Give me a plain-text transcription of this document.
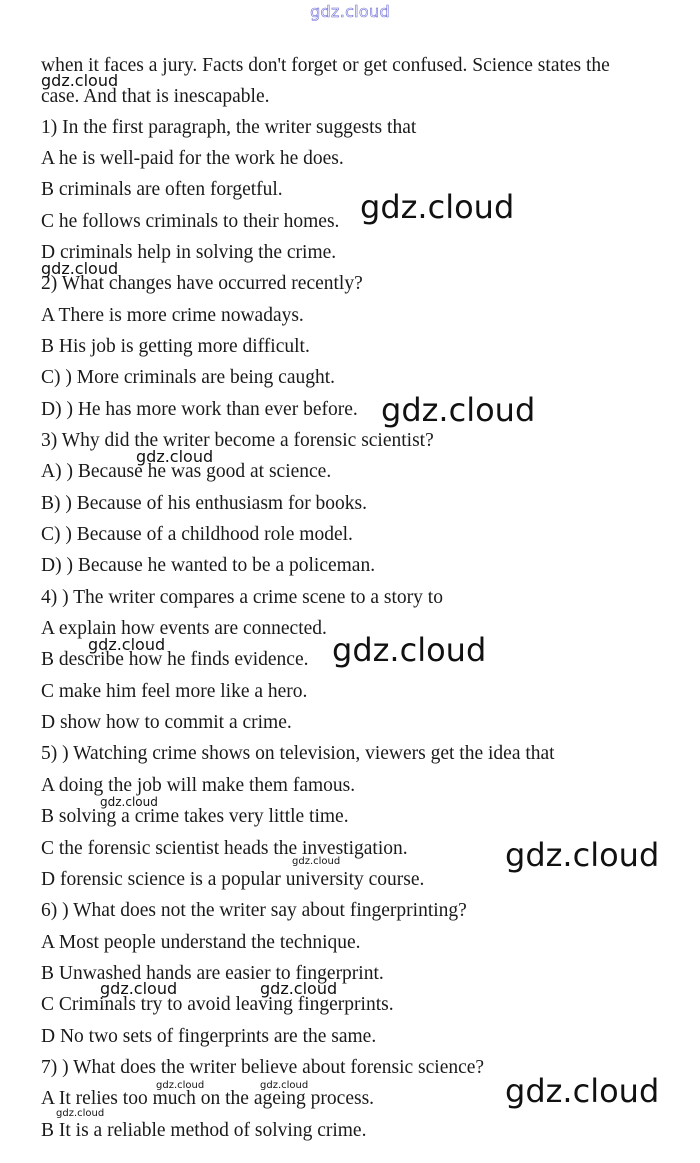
gdz.cloud
when it faces a jury. Facts don't forget or get confused. Science states the
case. And that is inescapable.
1) In the first paragraph, the writer suggests that
A he is well-paid for the work he does.
B criminals are often forgetful.
C he follows criminals to their homes.
D criminals help in solving the crime.
2) What changes have occurred recently?
A There is more crime nowadays.
B His job is getting more difficult.
C) ) More criminals are being caught.
D) ) He has more work than ever before.
3) Why did the writer become a forensic scientist?
A) ) Because he was good at science.
B) ) Because of his enthusiasm for books.
C) ) Because of a childhood role model.
D) ) Because he wanted to be a policeman.
4) ) The writer compares a crime scene to a story to
A explain how events are connected.
B describe how he finds evidence.
C make him feel more like a hero.
D show how to commit a crime.
5) ) Watching crime shows on television, viewers get the idea that
A doing the job will make them famous.
B solving a crime takes very little time.
C the forensic scientist heads the investigation.
D forensic science is a popular university course.
6) ) What does not the writer say about fingerprinting?
A Most people understand the technique.
B Unwashed hands are easier to fingerprint.
C Criminals try to avoid leaving fingerprints.
D No two sets of fingerprints are the same.
7) ) What does the writer believe about forensic science?
A It relies too much on the ageing process.
B It is a reliable method of solving crime.
gdz.cloud
gdz.cloud
gdz.cloud
gdz.cloud
gdz.cloud
gdz.cloud	gdz.cloud
gdz.cloud
gdz.cloud	gdz.cloud
gdz.cloud	gdz.cloud
gdz.cloud	gdz.cloud	gdz.cloud
gdz.cloud
